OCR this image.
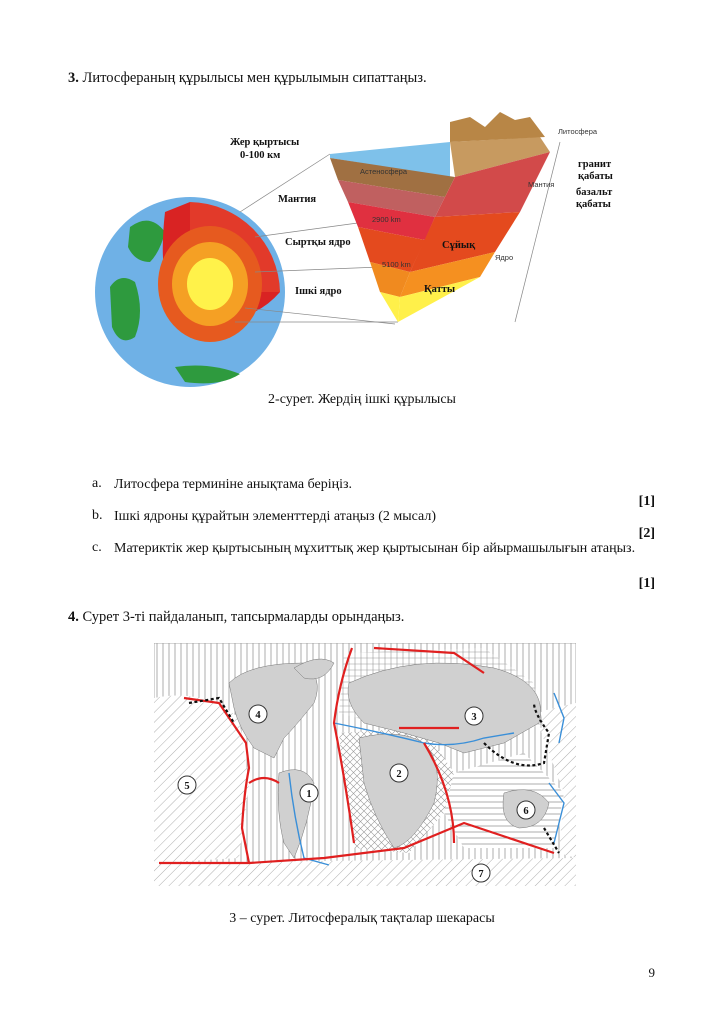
3. Литосфераның құрылысы мен құрылымын сипаттаңыз.
Жер қыртысы
0-100 км
Мантия
Сыртқы ядро
Ішкі ядро
Литосфера
гранит
қабаты
базальт
қабаты
Астеносфера
2900 km
5100 km
Сұйық
Қатты
Мантия
Ядро
2-сурет. Жердің ішкі құрылысы
a. Литосфера терминіне анықтама беріңіз.
[1]
b. Ішкі ядроны құрайтын элементтерді атаңыз (2 мысал)
[2]
c. Материктік жер қыртысының мұхиттық жер қыртысынан бір айырмашылығын атаңыз.
[1]
4. Сурет 3-ті пайдаланып, тапсырмаларды орындаңыз.
1
2
3
4
5
6
7
3 – сурет. Литосфералық тақталар шекарасы
9
